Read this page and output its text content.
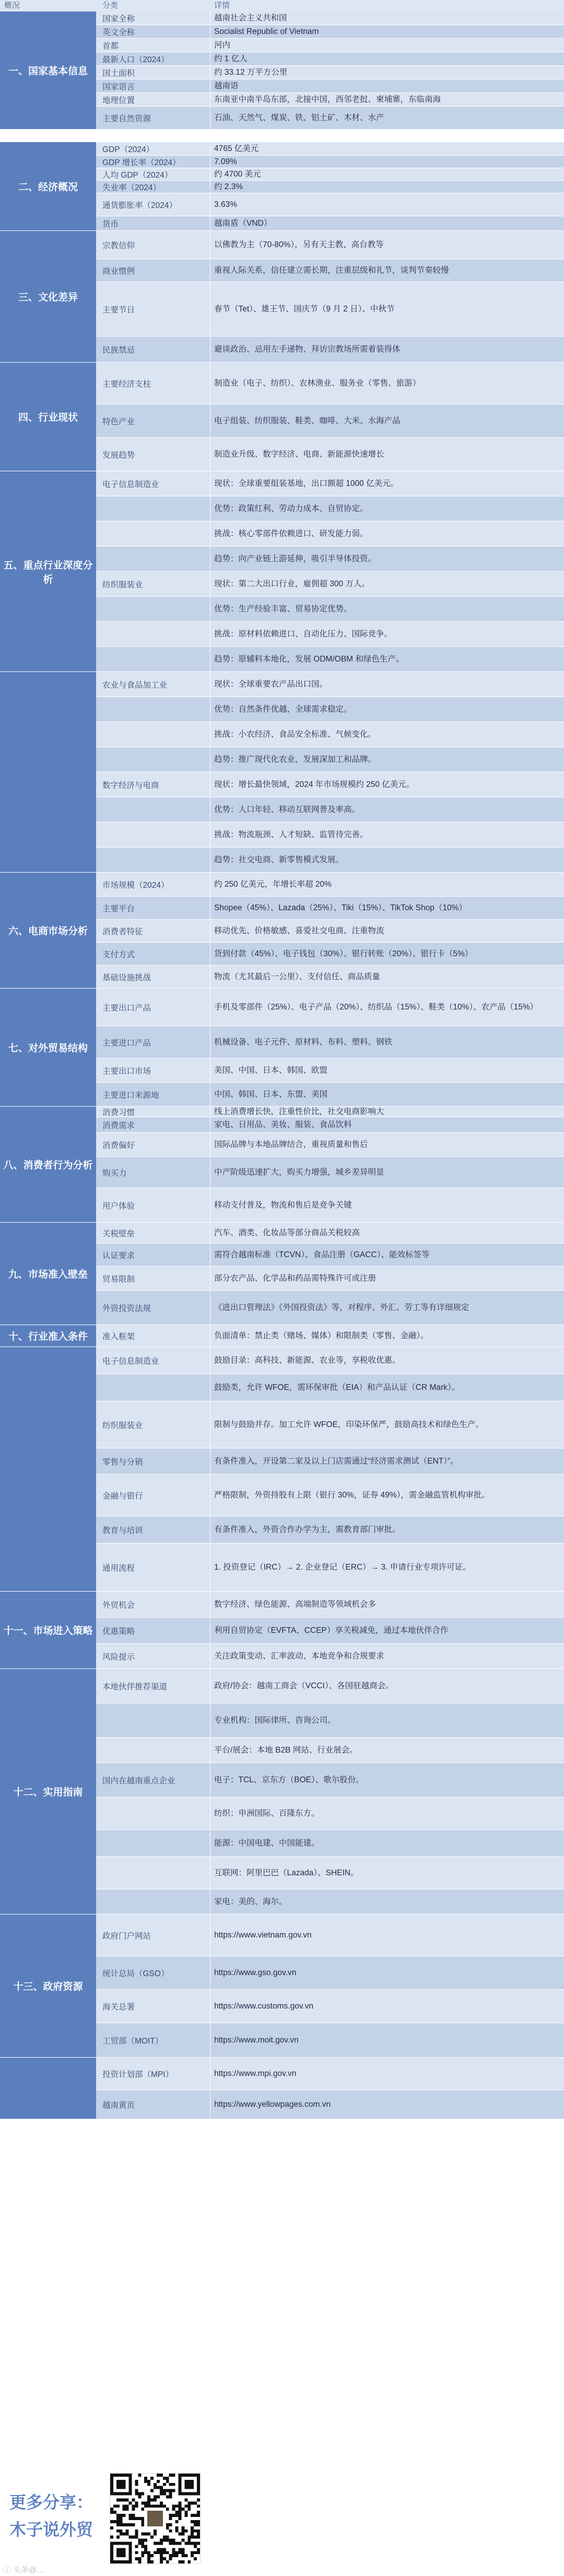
概况	分类	详情
一、国家基本信息
国家全称	越南社会主义共和国
英文全称	Socialist Republic of Vietnam
首都	河内
最新人口（2024）	约 1 亿人
国土面积	约 33.12 万平方公里
国家语言	越南语
地理位置	东南亚中南半岛东部，北接中国，西邻老挝、柬埔寨，东临南海
主要自然资源	石油、天然气、煤炭、铁、铝土矿、木材、水产
二、经济概况
GDP（2024）	4765 亿美元
GDP 增长率（2024）	7.09%
人均 GDP（2024）	约 4700 美元
失业率（2024）	约 2.3%
通货膨胀率（2024）	3.63%
货币	越南盾（VND）
三、文化差异
宗教信仰	以佛教为主（70-80%），另有天主教、高台教等
商业惯例	重视人际关系，信任建立需长期，注重层级和礼节，谈判节奏较慢
主要节日	春节（Tet）、雄王节、国庆节（9 月 2 日）、中秋节
民族禁忌	避谈政治、忌用左手递物、拜访宗教场所需着装得体
四、行业现状
主要经济支柱	制造业（电子、纺织）、农林渔业、服务业（零售、旅游）
特色产业	电子组装、纺织服装、鞋类、咖啡、大米、水海产品
发展趋势	制造业升级、数字经济、电商、新能源快速增长
五、重点行业深度分析
电子信息制造业	现状：全球重要组装基地，出口额超 1000 亿美元。
优势：政策红利、劳动力成本、自贸协定。
挑战：核心零部件依赖进口、研发能力弱。
趋势：向产业链上游延伸，吸引半导体投资。
纺织服装业	现状：第二大出口行业，雇佣超 300 万人。
优势：生产经验丰富、贸易协定优势。
挑战：原材料依赖进口、自动化压力、国际竞争。
趋势：原辅料本地化，发展 ODM/OBM 和绿色生产。
农业与食品加工业	现状：全球重要农产品出口国。
优势：自然条件优越、全球需求稳定。
挑战：小农经济、食品安全标准、气候变化。
趋势：推广现代化农业，发展深加工和品牌。
数字经济与电商	现状：增长最快领域，2024 年市场规模约 250 亿美元。
优势：人口年轻、移动互联网普及率高。
挑战：物流瓶颈、人才短缺、监管待完善。
趋势：社交电商、新零售模式发展。
六、电商市场分析
市场规模（2024）	约 250 亿美元，年增长率超 20%
主要平台	Shopee（45%）、Lazada（25%）、Tiki（15%）、TikTok Shop（10%）
消费者特征	移动优先、价格敏感、喜爱社交电商、注重物流
支付方式	货到付款（45%）、电子钱包（30%）、银行转账（20%）、银行卡（5%）
基础设施挑战	物流（尤其最后一公里）、支付信任、商品质量
七、对外贸易结构
主要出口产品	手机及零部件（25%）、电子产品（20%）、纺织品（15%）、鞋类（10%）、农产品（15%）
主要进口产品	机械设备、电子元件、原材料、布料、塑料、钢铁
主要出口市场	美国、中国、日本、韩国、欧盟
主要进口来源地	中国、韩国、日本、东盟、美国
八、消费者行为分析
消费习惯	线上消费增长快，注重性价比，社交电商影响大
消费需求	家电、日用品、美妆、服装、食品饮料
消费偏好	国际品牌与本地品牌结合，重视质量和售后
购买力	中产阶级迅速扩大，购买力增强，城乡差异明显
用户体验	移动支付普及，物流和售后是竞争关键
九、市场准入壁垒
关税壁垒	汽车、酒类、化妆品等部分商品关税较高
认证要求	需符合越南标准（TCVN）、食品注册（GACC）、能效标签等
贸易限制	部分农产品、化学品和药品需特殊许可或注册
外资投资法规	《进出口管理法》《外国投资法》等，对程序、外汇、劳工等有详细规定
十、行业准入条件	准入框架	负面清单：禁止类（赌场、媒体）和限制类（零售、金融）。
电子信息制造业	鼓励目录：高科技、新能源、农业等，享税收优惠。
鼓励类，允许 WFOE，需环保审批（EIA）和产品认证（CR Mark）。
纺织服装业	限制与鼓励并存。加工允许 WFOE，印染环保严，鼓励高技术和绿色生产。
零售与分销	有条件准入，开设第二家及以上门店需通过“经济需求测试（ENT）”。
金融与银行	严格限制，外资持股有上限（银行 30%，证券 49%），需金融监管机构审批。
教育与培训	有条件准入，外资合作办学为主，需教育部门审批。
通用流程	1. 投资登记（IRC）→ 2. 企业登记（ERC）→ 3. 申请行业专项许可证。
十一、市场进入策略
外贸机会	数字经济、绿色能源、高端制造等领域机会多
优惠策略	利用自贸协定（EVFTA、CCEP）享关税减免，通过本地伙伴合作
风险提示	关注政策变动、汇率波动、本地竞争和合规要求
十二、实用指南
本地伙伴推荐渠道	政府/协会：越南工商会（VCCI）、各国驻越商会。
专业机构：国际律所、咨询公司。
平台/展会：本地 B2B 网站、行业展会。
国内在越南重点企业	电子：TCL、京东方（BOE）、歌尔股份。
纺织：申洲国际、百隆东方。
能源：中国电建、中国能建。
互联网：阿里巴巴（Lazada）、SHEIN。
家电：美的、海尔。
十三、政府资源
政府门户网站	https://www.vietnam.gov.vn
统计总局（GSO）	https://www.gso.gov.vn
海关总署	https://www.customs.gov.vn
工贸部（MOIT）	https://www.moit.gov.vn
投资计划部（MPI）	https://www.mpi.gov.vn
越南黄页	https://www.yellowpages.com.vn
更多分享：
木子说外贸
ⓘ 头条@…
